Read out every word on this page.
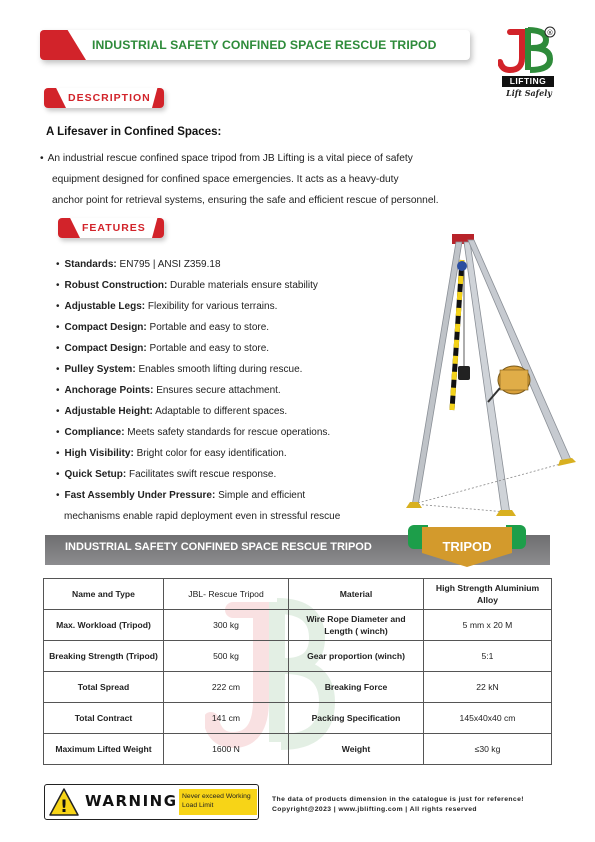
INDUSTRIAL SAFETY CONFINED SPACE RESCUE TRIPOD
®
LIFTING
Lift Safely
DESCRIPTION
A Lifesaver in Confined Spaces:
• An industrial rescue confined space tripod from JB Lifting is a vital piece of safety
equipment designed for confined space emergencies. It acts as a heavy-duty
anchor point for retrieval systems, ensuring the safe and efficient rescue of personnel.
FEATURES
• Standards: EN795 | ANSI Z359.18
• Robust Construction: Durable materials ensure stability
• Adjustable Legs: Flexibility for various terrains.
• Compact Design: Portable and easy to store.
• Compact Design: Portable and easy to store.
• Pulley System: Enables smooth lifting during rescue.
• Anchorage Points: Ensures secure attachment.
• Adjustable Height: Adaptable to different spaces.
• Compliance: Meets safety standards for rescue operations.
• High Visibility: Bright color for easy identification.
• Quick Setup: Facilitates swift rescue response.
• Fast Assembly Under Pressure: Simple and efficient
mechanisms enable rapid deployment even in stressful rescue
INDUSTRIAL SAFETY CONFINED SPACE RESCUE TRIPOD	TRIPOD
Name and Type	JBL- Rescue Tripod	Material	High Strength Aluminium Alloy
Max. Workload (Tripod)	300 kg	Wire Rope Diameter and Length ( winch)	5 mm x 20 M
Breaking Strength (Tripod)	500 kg	Gear proportion (winch)	5:1
Total Spread	222 cm	Breaking Force	22 kN
Total Contract	141 cm	Packing Specification	145x40x40 cm
Maximum Lifted Weight	1600 N	Weight	≤30 kg
! WARNING Never exceed Working Load Limit
The data of products dimension in the catalogue is just for reference!
Copyright@2023 | www.jblifting.com | All rights reserved
